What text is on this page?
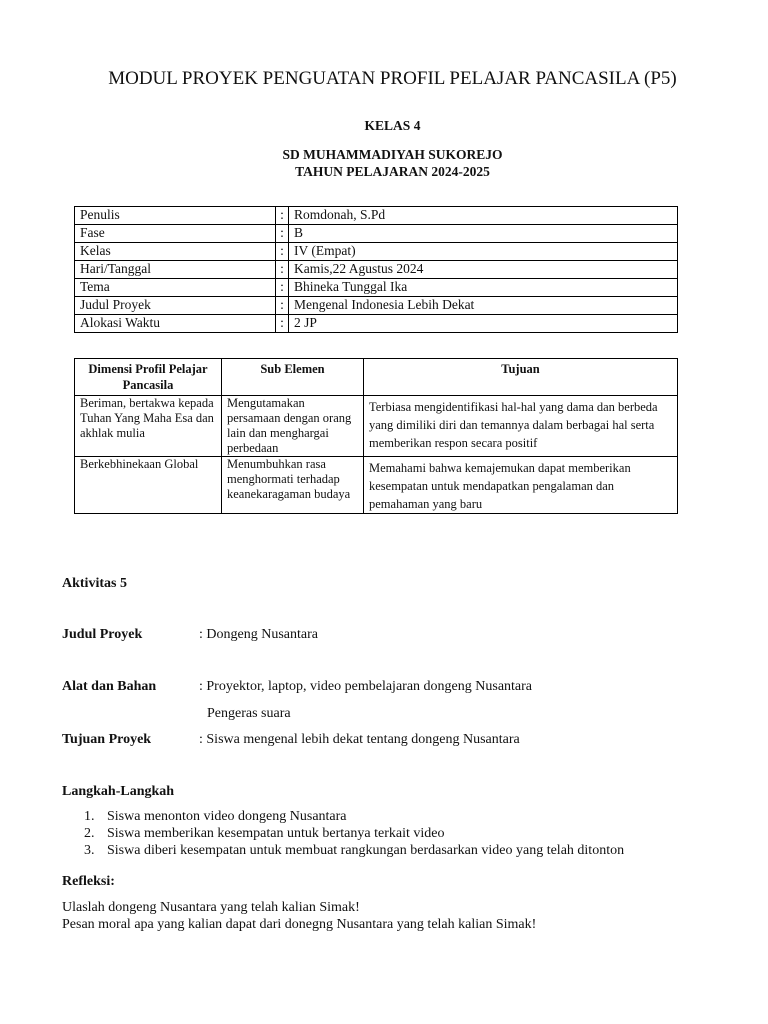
MODUL PROYEK PENGUATAN PROFIL PELAJAR PANCASILA (P5)
KELAS 4
SD MUHAMMADIYAH SUKOREJO
TAHUN PELAJARAN 2024-2025
Penulis	:	Romdonah, S.Pd
Fase	:	B
Kelas	:	IV (Empat)
Hari/Tanggal	:	Kamis,22 Agustus 2024
Tema	:	Bhineka Tunggal Ika
Judul Proyek	:	Mengenal Indonesia Lebih Dekat
Alokasi Waktu	:	2 JP
Dimensi Profil Pelajar Pancasila	Sub Elemen	Tujuan
Beriman, bertakwa kepada Tuhan Yang Maha Esa dan akhlak mulia	Mengutamakan persamaan dengan orang lain dan menghargai perbedaan	Terbiasa mengidentifikasi hal-hal yang dama dan berbeda yang dimiliki diri dan temannya dalam berbagai hal serta memberikan respon secara positif
Berkebhinekaan Global	Menumbuhkan rasa menghormati terhadap keanekaragaman budaya	Memahami bahwa kemajemukan dapat memberikan kesempatan untuk mendapatkan pengalaman dan pemahaman yang baru
Aktivitas 5
Judul Proyek	: Dongeng Nusantara
Alat dan Bahan	: Proyektor, laptop, video pembelajaran dongeng Nusantara
Pengeras suara
Tujuan Proyek	: Siswa mengenal lebih dekat tentang dongeng Nusantara
Langkah-Langkah
1. Siswa menonton video dongeng Nusantara
2. Siswa memberikan kesempatan untuk bertanya terkait video
3. Siswa diberi kesempatan untuk membuat rangkungan berdasarkan video yang telah ditonton
Refleksi:
Ulaslah dongeng Nusantara yang telah kalian Simak!
Pesan moral apa yang kalian dapat dari donegng Nusantara yang telah kalian Simak!
